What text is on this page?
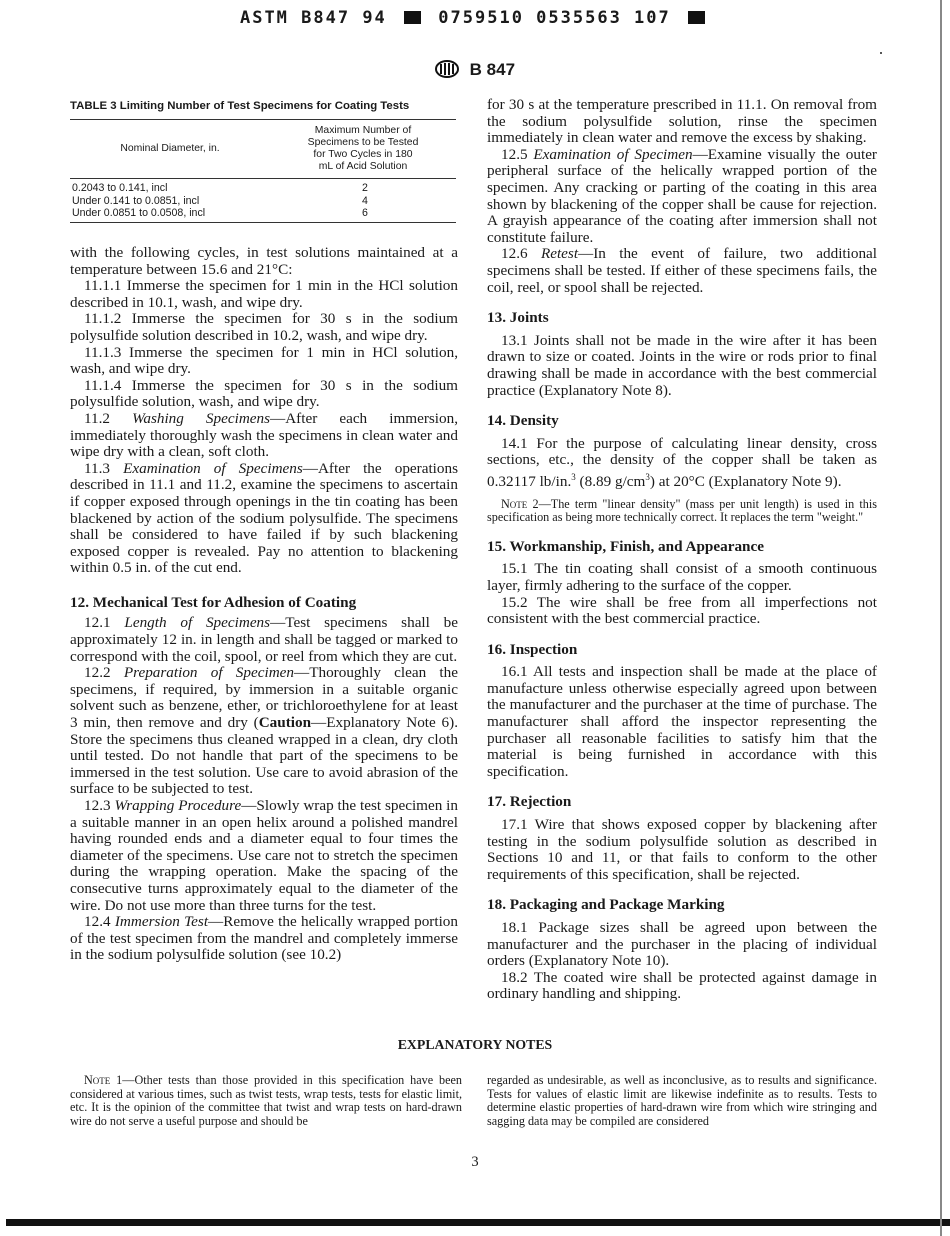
ASTM B847 94	0759510 0535563 107
B 847
TABLE 3 Limiting Number of Test Specimens for Coating Tests
Nominal Diameter, in.
Maximum Number of
Specimens to be Tested
for Two Cycles in 180
mL of Acid Solution
0.2043 to 0.141, incl	2
Under 0.141 to 0.0851, incl	4
Under 0.0851 to 0.0508, incl	6

with the following cycles, in test solutions maintained at a temperature between 15.6 and 21°C:

11.1.1 Immerse the specimen for 1 min in the HCl solution described in 10.1, wash, and wipe dry.

11.1.2 Immerse the specimen for 30 s in the sodium polysulfide solution described in 10.2, wash, and wipe dry.

11.1.3 Immerse the specimen for 1 min in HCl solution, wash, and wipe dry.

11.1.4 Immerse the specimen for 30 s in the sodium polysulfide solution, wash, and wipe dry.

11.2 Washing Specimens—After each immersion, immediately thoroughly wash the specimens in clean water and wipe dry with a clean, soft cloth.

11.3 Examination of Specimens—After the operations described in 11.1 and 11.2, examine the specimens to ascertain if copper exposed through openings in the tin coating has been blackened by action of the sodium polysulfide. The specimens shall be considered to have failed if by such blackening exposed copper is revealed. Pay no attention to blackening within 0.5 in. of the cut end.

12. Mechanical Test for Adhesion of Coating

12.1 Length of Specimens—Test specimens shall be approximately 12 in. in length and shall be tagged or marked to correspond with the coil, spool, or reel from which they are cut.

12.2 Preparation of Specimen—Thoroughly clean the specimens, if required, by immersion in a suitable organic solvent such as benzene, ether, or trichloroethylene for at least 3 min, then remove and dry (Caution—Explanatory Note 6). Store the specimens thus cleaned wrapped in a clean, dry cloth until tested. Do not handle that part of the specimens to be immersed in the test solution. Use care to avoid abrasion of the surface to be subjected to test.

12.3 Wrapping Procedure—Slowly wrap the test specimen in a suitable manner in an open helix around a polished mandrel having rounded ends and a diameter equal to four times the diameter of the specimens. Use care not to stretch the specimen during the wrapping operation. Make the spacing of the consecutive turns approximately equal to the diameter of the wire. Do not use more than three turns for the test.

12.4 Immersion Test—Remove the helically wrapped portion of the test specimen from the mandrel and completely immerse in the sodium polysulfide solution (see 10.2)

for 30 s at the temperature prescribed in 11.1. On removal from the sodium polysulfide solution, rinse the specimen immediately in clean water and remove the excess by shaking.

12.5 Examination of Specimen—Examine visually the outer peripheral surface of the helically wrapped portion of the specimen. Any cracking or parting of the coating in this area shown by blackening of the copper shall be cause for rejection. A grayish appearance of the coating after immersion shall not constitute failure.

12.6 Retest—In the event of failure, two additional specimens shall be tested. If either of these specimens fails, the coil, reel, or spool shall be rejected.

13. Joints

13.1 Joints shall not be made in the wire after it has been drawn to size or coated. Joints in the wire or rods prior to final drawing shall be made in accordance with the best commercial practice (Explanatory Note 8).

14. Density

14.1 For the purpose of calculating linear density, cross sections, etc., the density of the copper shall be taken as 0.32117 lb/in.$^3$ (8.89 $g/cm^3$) at 20°C (Explanatory Note 9).

Note 2—The term "linear density" (mass per unit length) is used in this specification as being more technically correct. It replaces the term "weight."

15. Workmanship, Finish, and Appearance

15.1 The tin coating shall consist of a smooth continuous layer, firmly adhering to the surface of the copper.

15.2 The wire shall be free from all imperfections not consistent with the best commercial practice.

16. Inspection

16.1 All tests and inspection shall be made at the place of manufacture unless otherwise especially agreed upon between the manufacturer and the purchaser at the time of purchase. The manufacturer shall afford the inspector representing the purchaser all reasonable facilities to satisfy him that the material is being furnished in accordance with this specification.

17. Rejection

17.1 Wire that shows exposed copper by blackening after testing in the sodium polysulfide solution as described in Sections 10 and 11, or that fails to conform to the other requirements of this specification, shall be rejected.

18. Packaging and Package Marking

18.1 Package sizes shall be agreed upon between the manufacturer and the purchaser in the placing of individual orders (Explanatory Note 10).

18.2 The coated wire shall be protected against damage in ordinary handling and shipping.

EXPLANATORY NOTES

Note 1—Other tests than those provided in this specification have been considered at various times, such as twist tests, wrap tests, tests for elastic limit, etc. It is the opinion of the committee that twist and wrap tests on hard-drawn wire do not serve a useful purpose and should be

regarded as undesirable, as well as inconclusive, as to results and significance. Tests for values of elastic limit are likewise indefinite as to results. Tests to determine elastic properties of hard-drawn wire from which wire stringing and sagging data may be compiled are considered

3
